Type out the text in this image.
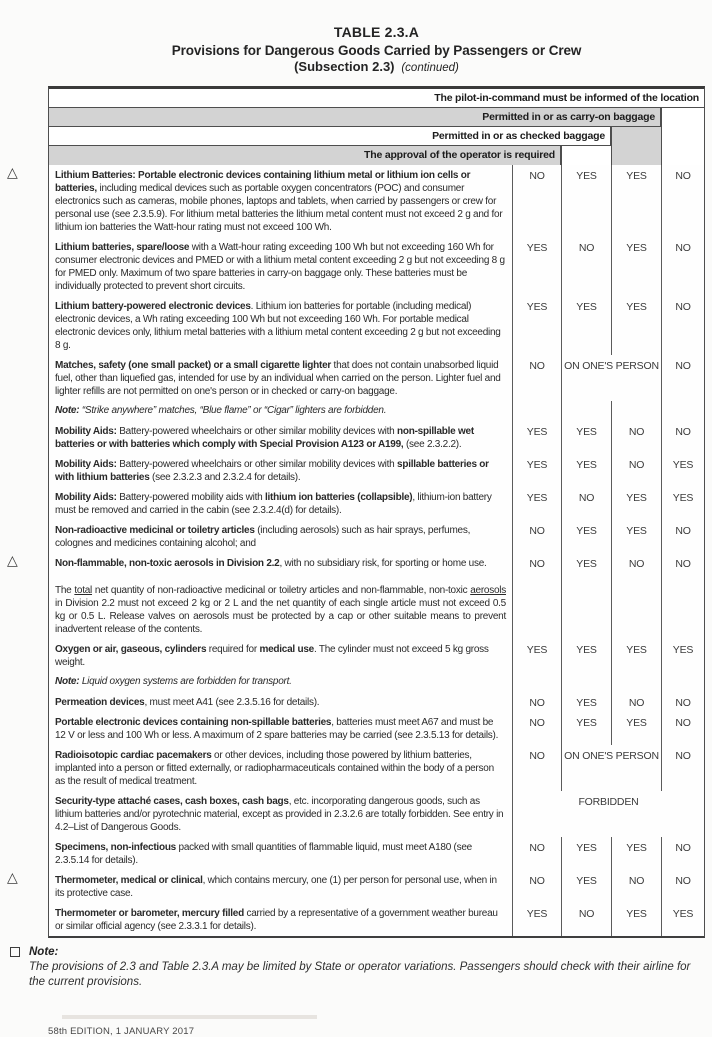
TABLE 2.3.A
Provisions for Dangerous Goods Carried by Passengers or Crew
(Subsection 2.3) (continued)
The pilot-in-command must be informed of the location
Permitted in or as carry-on baggage
Permitted in or as checked baggage
The approval of the operator is required
△	Lithium Batteries: Portable electronic devices containing lithium metal or lithium ion cells or batteries, including medical devices such as portable oxygen concentrators (POC) and consumer electronics such as cameras, mobile phones, laptops and tablets, when carried by passengers or crew for personal use (see 2.3.5.9). For lithium metal batteries the lithium metal content must not exceed 2 g and for lithium ion batteries the Watt-hour rating must not exceed 100 Wh.
NO	YES	YES	NO
Lithium batteries, spare/loose with a Watt-hour rating exceeding 100 Wh but not exceeding 160 Wh for consumer electronic devices and PMED or with a lithium metal content exceeding 2 g but not exceeding 8 g for PMED only. Maximum of two spare batteries in carry-on baggage only. These batteries must be individually protected to prevent short circuits.
YES	NO	YES	NO
Lithium battery-powered electronic devices. Lithium ion batteries for portable (including medical) electronic devices, a Wh rating exceeding 100 Wh but not exceeding 160 Wh. For portable medical electronic devices only, lithium metal batteries with a lithium metal content exceeding 2 g but not exceeding 8 g.
YES	YES	YES	NO
Matches, safety (one small packet) or a small cigarette lighter that does not contain unabsorbed liquid fuel, other than liquefied gas, intended for use by an individual when carried on the person. Lighter fuel and lighter refills are not permitted on one's person or in checked or carry-on baggage.
NO	ON ONE'S PERSON	NO
Note: “Strike anywhere” matches, “Blue flame” or “Cigar” lighters are forbidden.
Mobility Aids: Battery-powered wheelchairs or other similar mobility devices with non-spillable wet batteries or with batteries which comply with Special Provision A123 or A199, (see 2.3.2.2).
YES	YES	NO	NO
Mobility Aids: Battery-powered wheelchairs or other similar mobility devices with spillable batteries or with lithium batteries (see 2.3.2.3 and 2.3.2.4 for details).
YES	YES	NO	YES
Mobility Aids: Battery-powered mobility aids with lithium ion batteries (collapsible), lithium-ion battery must be removed and carried in the cabin (see 2.3.2.4(d) for details).
YES	NO	YES	YES
Non-radioactive medicinal or toiletry articles (including aerosols) such as hair sprays, perfumes, colognes and medicines containing alcohol; and
NO	YES	YES	NO
△	Non-flammable, non-toxic aerosols in Division 2.2, with no subsidiary risk, for sporting or home use.	NO	YES	NO	NO
The total net quantity of non-radioactive medicinal or toiletry articles and non-flammable, non-toxic aerosols in Division 2.2 must not exceed 2 kg or 2 L and the net quantity of each single article must not exceed 0.5 kg or 0.5 L. Release valves on aerosols must be protected by a cap or other suitable means to prevent inadvertent release of the contents.
Oxygen or air, gaseous, cylinders required for medical use. The cylinder must not exceed 5 kg gross weight.
YES	YES	YES	YES
Note: Liquid oxygen systems are forbidden for transport.
Permeation devices, must meet A41 (see 2.3.5.16 for details).	NO	YES	NO	NO
Portable electronic devices containing non-spillable batteries, batteries must meet A67 and must be 12 V or less and 100 Wh or less. A maximum of 2 spare batteries may be carried (see 2.3.5.13 for details).
NO	YES	YES	NO
Radioisotopic cardiac pacemakers or other devices, including those powered by lithium batteries, implanted into a person or fitted externally, or radiopharmaceuticals contained within the body of a person as the result of medical treatment.
NO	ON ONE'S PERSON	NO
Security-type attaché cases, cash boxes, cash bags, etc. incorporating dangerous goods, such as lithium batteries and/or pyrotechnic material, except as provided in 2.3.2.6 are totally forbidden. See entry in 4.2–List of Dangerous Goods.
FORBIDDEN
Specimens, non-infectious packed with small quantities of flammable liquid, must meet A180 (see 2.3.5.14 for details).
NO	YES	YES	NO
△	Thermometer, medical or clinical, which contains mercury, one (1) per person for personal use, when in its protective case.
NO	YES	NO	NO
Thermometer or barometer, mercury filled carried by a representative of a government weather bureau or similar official agency (see 2.3.3.1 for details).
YES	NO	YES	YES
Note:
The provisions of 2.3 and Table 2.3.A may be limited by State or operator variations. Passengers should check with their airline for the current provisions.
58th EDITION, 1 JANUARY 2017
